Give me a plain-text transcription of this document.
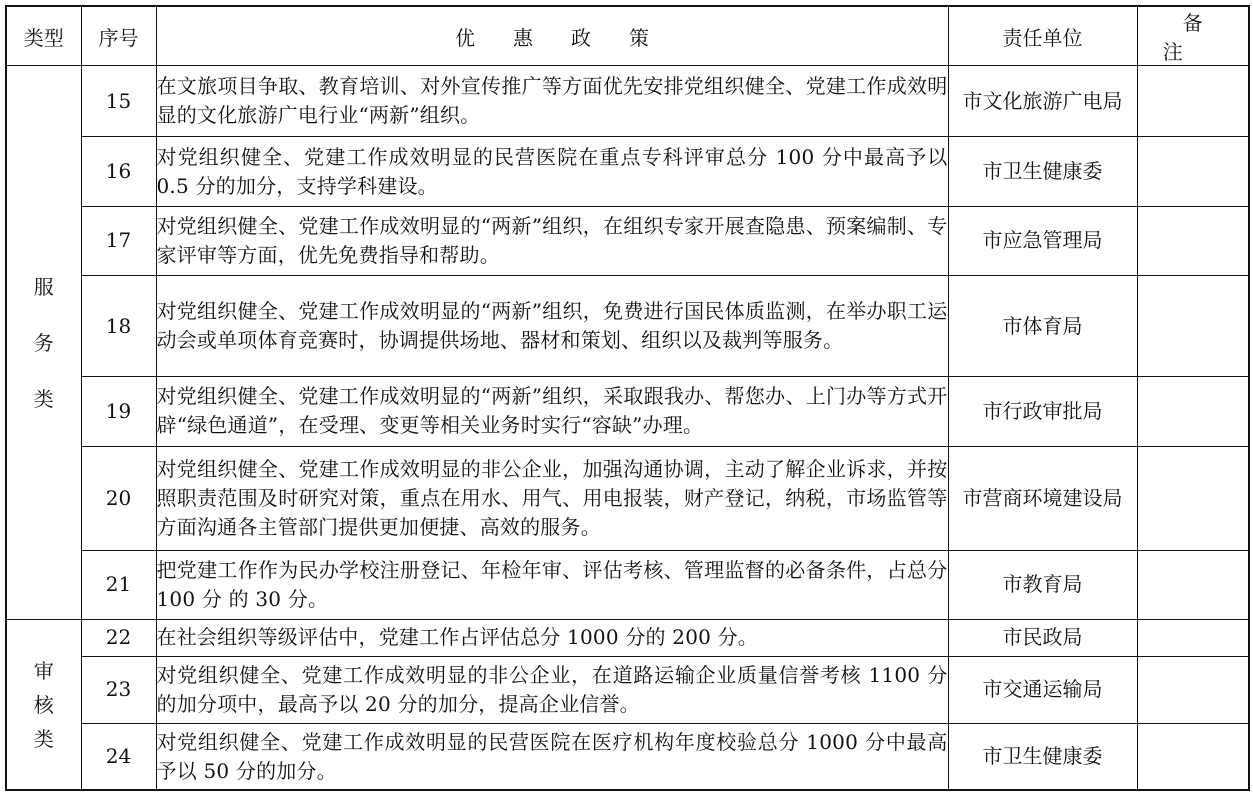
类型	序号	优惠政策	责任单位	备注

服
务
类	15	在文旅项目争取、教育培训、对外宣传推广等方面优先安排党组织健全、党建工作成效明显的文化旅游广电行业“两新”组织。	市文化旅游广电局	
	16	对党组织健全、党建工作成效明显的民营医院在重点专科评审总分 100 分中最高予以 0.5 分的加分，支持学科建设。	市卫生健康委	
	17	对党组织健全、党建工作成效明显的“两新”组织，在组织专家开展查隐患、预案编制、专家评审等方面，优先免费指导和帮助。	市应急管理局	
	18	对党组织健全、党建工作成效明显的“两新”组织，免费进行国民体质监测，在举办职工运动会或单项体育竞赛时，协调提供场地、器材和策划、组织以及裁判等服务。	市体育局	
	19	对党组织健全、党建工作成效明显的“两新”组织，采取跟我办、帮您办、上门办等方式开辟“绿色通道”，在受理、变更等相关业务时实行“容缺”办理。	市行政审批局	
	20	对党组织健全、党建工作成效明显的非公企业，加强沟通协调，主动了解企业诉求，并按照职责范围及时研究对策，重点在用水、用气、用电报装，财产登记，纳税，市场监管等方面沟通各主管部门提供更加便捷、高效的服务。	市营商环境建设局	
	21	把党建工作作为民办学校注册登记、年检年审、评估考核、管理监督的必备条件，占总分 100 分 的 30 分。	市教育局	

审
核
类	22	在社会组织等级评估中，党建工作占评估总分 1000 分的 200 分。	市民政局	
	23	对党组织健全、党建工作成效明显的非公企业，在道路运输企业质量信誉考核 1100 分的加分项中，最高予以 20 分的加分，提高企业信誉。	市交通运输局	
	24	对党组织健全、党建工作成效明显的民营医院在医疗机构年度校验总分 1000 分中最高予以 50 分的加分。	市卫生健康委	
